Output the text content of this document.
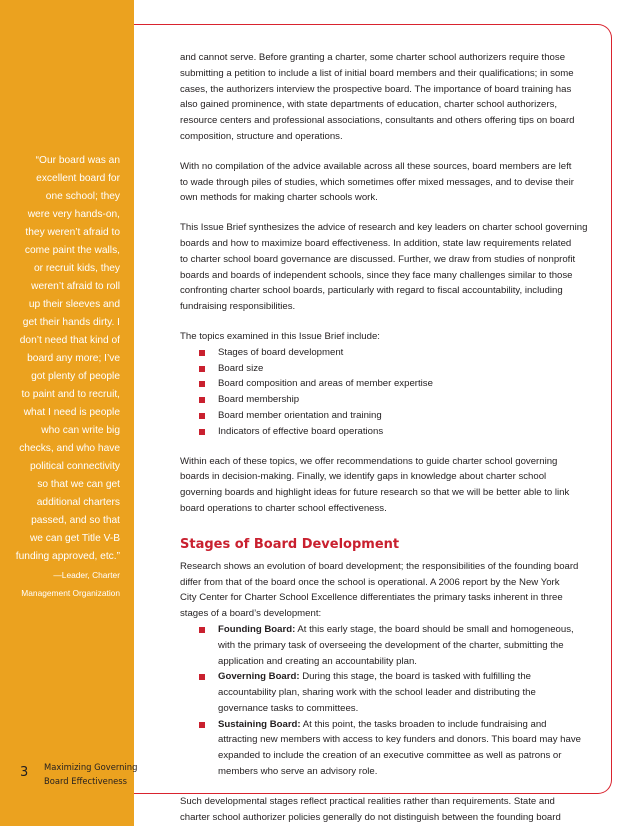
“Our board was an
excellent board for
one school; they
were very hands-on,
they weren’t afraid to
come paint the walls,
or recruit kids, they
weren’t afraid to roll
up their sleeves and
get their hands dirty. I
don’t need that kind of
board any more; I’ve
got plenty of people
to paint and to recruit,
what I need is people
who can write big
checks, and who have
political connectivity
so that we can get
additional charters
passed, and so that
we can get Title V-B
funding approved, etc.”
—Leader, Charter
Management Organization
3 Maximizing Governing
Board Effectiveness
and cannot serve. Before granting a charter, some charter school authorizers require those
submitting a petition to include a list of initial board members and their qualifications; in some
cases, the authorizers interview the prospective board. The importance of board training has
also gained prominence, with state departments of education, charter school authorizers,
resource centers and professional associations, consultants and others offering tips on board
composition, structure and operations.
With no compilation of the advice available across all these sources, board members are left
to wade through piles of studies, which sometimes offer mixed messages, and to devise their
own methods for making charter schools work.
This Issue Brief synthesizes the advice of research and key leaders on charter school governing
boards and how to maximize board effectiveness. In addition, state law requirements related
to charter school board governance are discussed. Further, we draw from studies of nonprofit
boards and boards of independent schools, since they face many challenges similar to those
confronting charter school boards, particularly with regard to fiscal accountability, including
fundraising responsibilities.
The topics examined in this Issue Brief include:
Stages of board development
Board size
Board composition and areas of member expertise
Board membership
Board member orientation and training
Indicators of effective board operations
Within each of these topics, we offer recommendations to guide charter school governing
boards in decision-making. Finally, we identify gaps in knowledge about charter school
governing boards and highlight ideas for future research so that we will be better able to link
board operations to charter school effectiveness.
Stages of Board Development
Research shows an evolution of board development; the responsibilities of the founding board
differ from that of the board once the school is operational. A 2006 report by the New York
City Center for Charter School Excellence differentiates the primary tasks inherent in three
stages of a board’s development:
Founding Board: At this early stage, the board should be small and homogeneous,
with the primary task of overseeing the development of the charter, submitting the
application and creating an accountability plan.
Governing Board: During this stage, the board is tasked with fulfilling the
accountability plan, sharing work with the school leader and distributing the
governance tasks to committees.
Sustaining Board: At this point, the tasks broaden to include fundraising and
attracting new members with access to key funders and donors. This board may have
expanded to include the creation of an executive committee as well as patrons or
members who serve an advisory role.
Such developmental stages reflect practical realities rather than requirements. State and
charter school authorizer policies generally do not distinguish between the founding board
